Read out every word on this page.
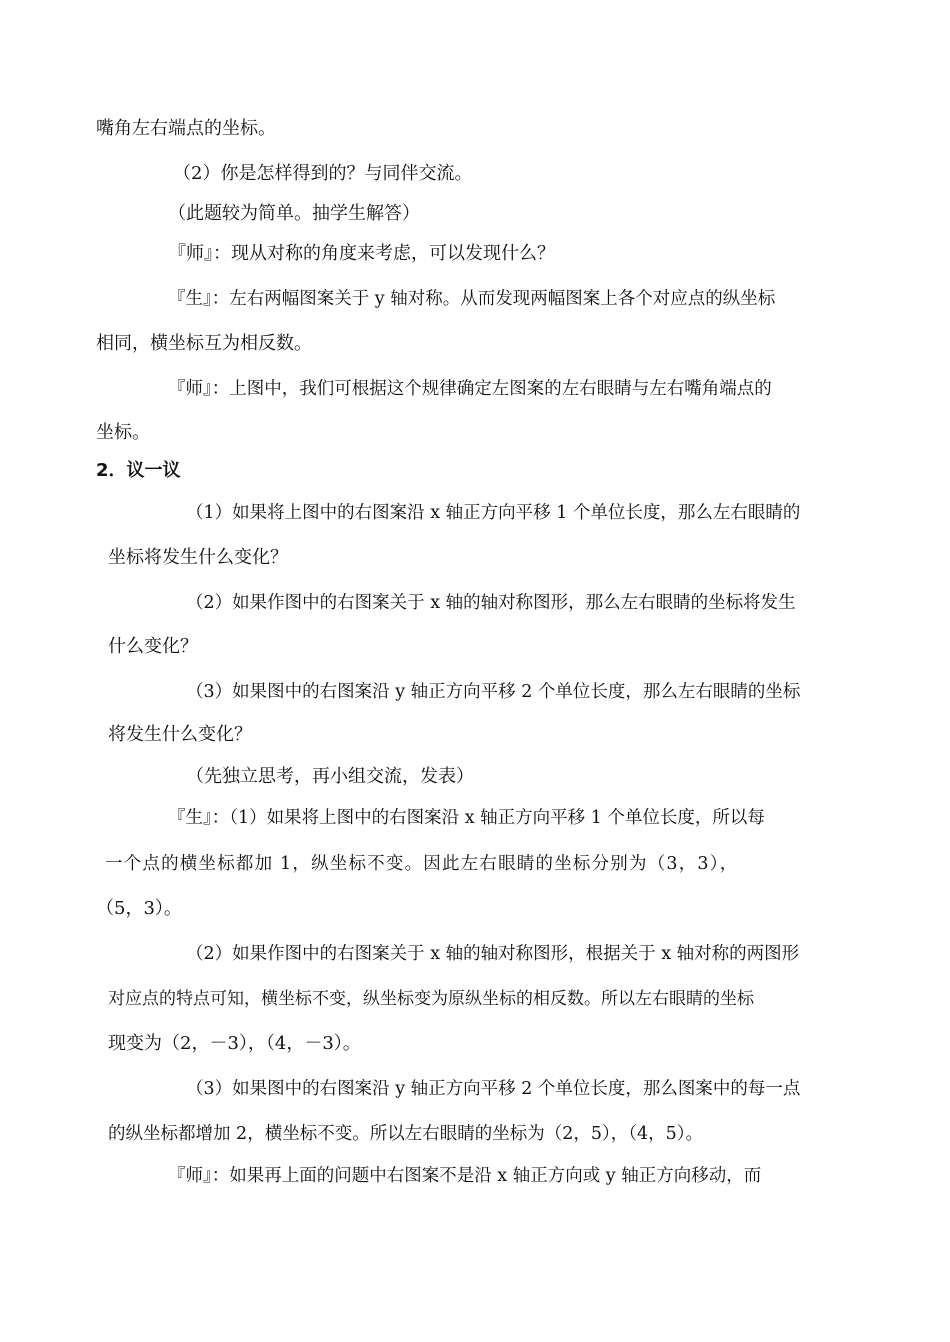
嘴角左右端点的坐标。
（2）你是怎样得到的？与同伴交流。
（此题较为简单。抽学生解答）
『师』：现从对称的角度来考虑，可以发现什么？
『生』：左右两幅图案关于 y 轴对称。从而发现两幅图案上各个对应点的纵坐标
相同，横坐标互为相反数。
『师』：上图中，我们可根据这个规律确定左图案的左右眼睛与左右嘴角端点的
坐标。
2．议一议
（1）如果将上图中的右图案沿 x 轴正方向平移 1 个单位长度，那么左右眼睛的
坐标将发生什么变化？
（2）如果作图中的右图案关于 x 轴的轴对称图形，那么左右眼睛的坐标将发生
什么变化？
（3）如果图中的右图案沿 y 轴正方向平移 2 个单位长度，那么左右眼睛的坐标
将发生什么变化？
（先独立思考，再小组交流，发表）
『生』：（1）如果将上图中的右图案沿 x 轴正方向平移 1 个单位长度，所以每
一个点的横坐标都加 1，纵坐标不变。因此左右眼睛的坐标分别为（3，3），
（5，3）。
（2）如果作图中的右图案关于 x 轴的轴对称图形，根据关于 x 轴对称的两图形
对应点的特点可知，横坐标不变，纵坐标变为原纵坐标的相反数。所以左右眼睛的坐标
现变为（2，－3），（4，－3）。
（3）如果图中的右图案沿 y 轴正方向平移 2 个单位长度，那么图案中的每一点
的纵坐标都增加 2，横坐标不变。所以左右眼睛的坐标为（2，5），（4，5）。
『师』：如果再上面的问题中右图案不是沿 x 轴正方向或 y 轴正方向移动，而
